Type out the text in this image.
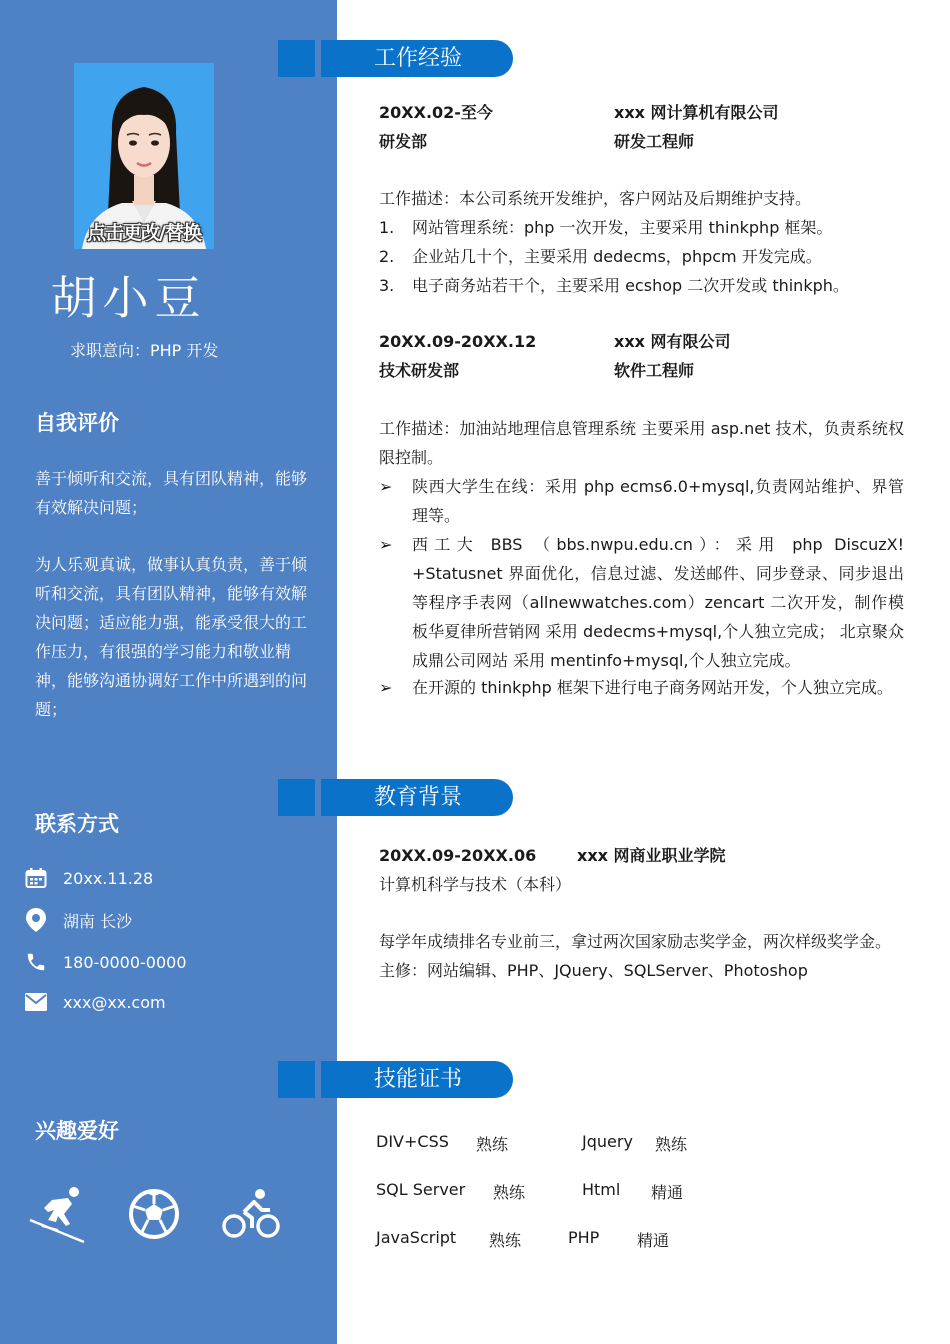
点击更改/替换
胡小豆
求职意向：PHP 开发
自我评价
善于倾听和交流，具有团队精神，能够有效解决问题；
为人乐观真诚，做事认真负责，善于倾听和交流，具有团队精神，能够有效解决问题；适应能力强，能承受很大的工作压力，有很强的学习能力和敬业精神，能够沟通协调好工作中所遇到的问题；
联系方式
20xx.11.28
湖南 长沙
180-0000-0000
xxx@xx.com
兴趣爱好
工作经验
20XX.02-至今	xxx 网计算机有限公司
研发部	研发工程师
工作描述：本公司系统开发维护，客户网站及后期维护支持。
1.	网站管理系统：php 一次开发，主要采用 thinkphp 框架。
2.	企业站几十个，主要采用 dedecms，phpcm 开发完成。
3.	电子商务站若干个，主要采用 ecshop 二次开发或 thinkph。
20XX.09-20XX.12	xxx 网有限公司
技术研发部	软件工程师
工作描述：加油站地理信息管理系统 主要采用 asp.net 技术，负责系统权限控制。
➢	陕西大学生在线：采用 php ecms6.0+mysql,负责网站维护、界管理等。
➢	西工大 BBS （bbs.nwpu.edu.cn）：采用 php DiscuzX! +Statusnet 界面优化，信息过滤、发送邮件、同步登录、同步退出等程序手表网（allnewwatches.com）zencart 二次开发，制作模板华夏律所营销网 采用 dedecms+mysql,个人独立完成； 北京聚众成鼎公司网站 采用 mentinfo+mysql,个人独立完成。
➢	在开源的 thinkphp 框架下进行电子商务网站开发，个人独立完成。
教育背景
20XX.09-20XX.06	xxx 网商业职业学院
计算机科学与技术（本科）
每学年成绩排名专业前三，拿过两次国家励志奖学金，两次样级奖学金。
主修：网站编辑、PHP、JQuery、SQLServer、Photoshop
技能证书
DIV+CSS 熟练	Jquery 熟练
SQL Server 熟练	Html 精通
JavaScript 熟练	PHP 精通
